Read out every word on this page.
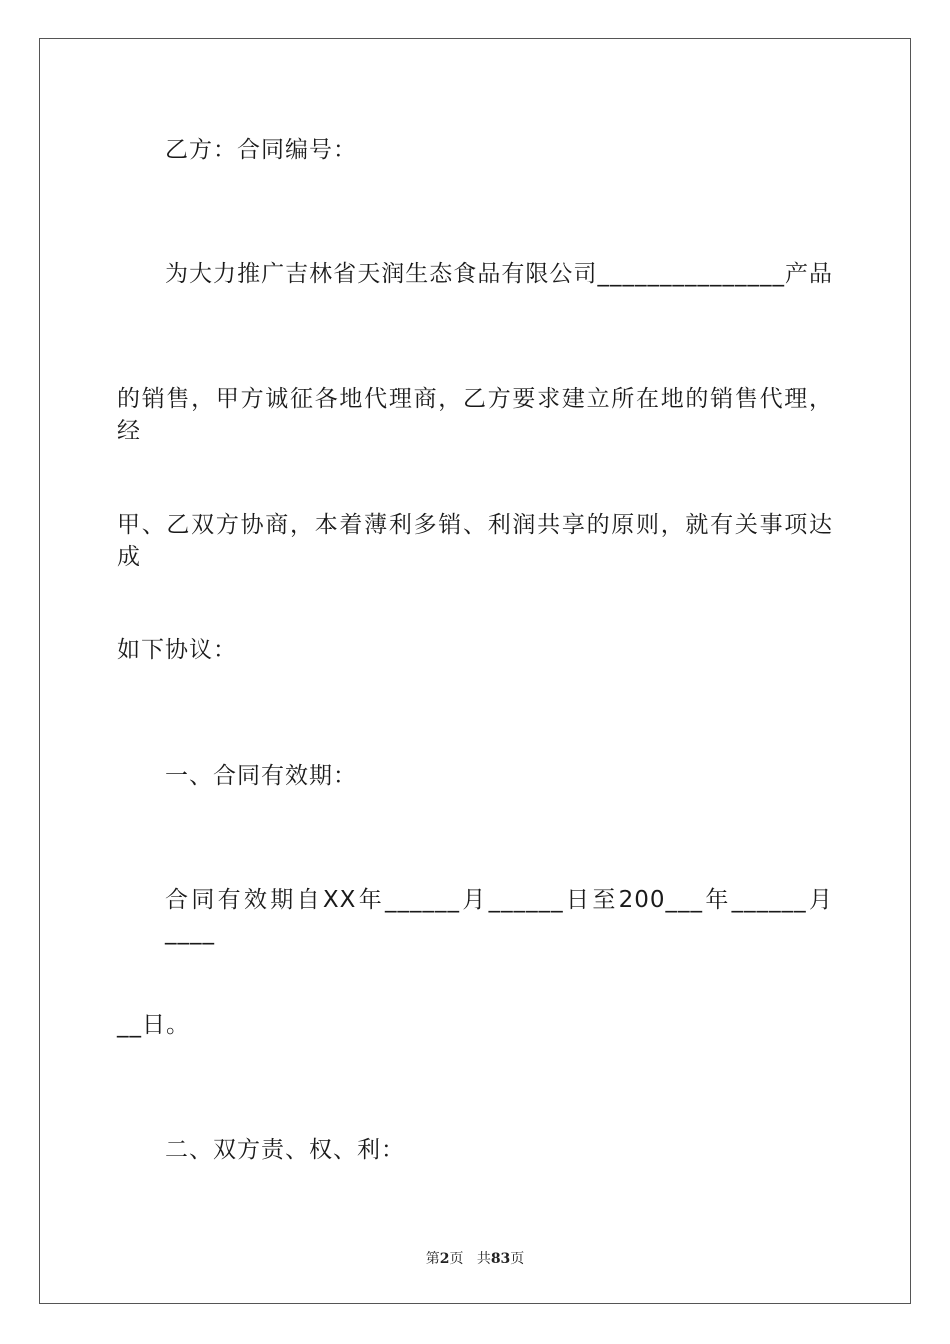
乙方：合同编号：
为大力推广吉林省天润生态食品有限公司_______________产品
的销售，甲方诚征各地代理商，乙方要求建立所在地的销售代理，经
甲、乙双方协商，本着薄利多销、利润共享的原则，就有关事项达成
如下协议：
一、合同有效期：
合同有效期自XX年______月______日至200___年______月____
__日。
二、双方责、权、利：
第2页 共83页
